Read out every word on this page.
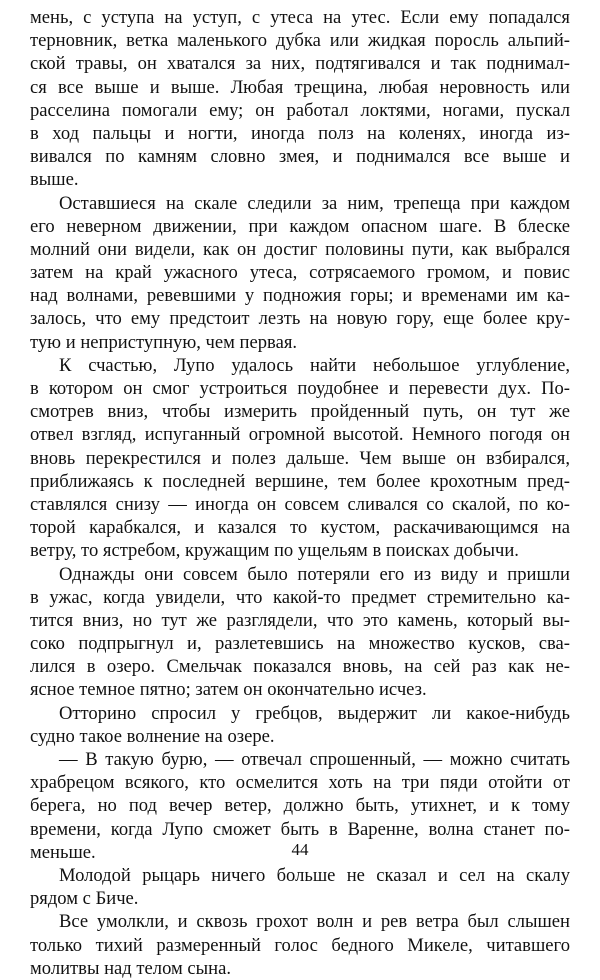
мень, с уступа на уступ, с утеса на утес. Если ему попадался
терновник, ветка маленького дубка или жидкая поросль альпий-
ской травы, он хватался за них, подтягивался и так поднимал-
ся все выше и выше. Любая трещина, любая неровность или
расселина помогали ему; он работал локтями, ногами, пускал
в ход пальцы и ногти, иногда полз на коленях, иногда из-
вивался по камням словно змея, и поднимался все выше и
выше.
Оставшиеся на скале следили за ним, трепеща при каждом
его неверном движении, при каждом опасном шаге. В блеске
молний они видели, как он достиг половины пути, как выбрался
затем на край ужасного утеса, сотрясаемого громом, и повис
над волнами, ревевшими у подножия горы; и временами им ка-
залось, что ему предстоит лезть на новую гору, еще более кру-
тую и неприступную, чем первая.
К счастью, Лупо удалось найти небольшое углубление,
в котором он смог устроиться поудобнее и перевести дух. По-
смотрев вниз, чтобы измерить пройденный путь, он тут же
отвел взгляд, испуганный огромной высотой. Немного погодя он
вновь перекрестился и полез дальше. Чем выше он взбирался,
приближаясь к последней вершине, тем более крохотным пред-
ставлялся снизу — иногда он совсем сливался со скалой, по ко-
торой карабкался, и казался то кустом, раскачивающимся на
ветру, то ястребом, кружащим по ущельям в поисках добычи.
Однажды они совсем было потеряли его из виду и пришли
в ужас, когда увидели, что какой-то предмет стремительно ка-
тится вниз, но тут же разглядели, что это камень, который вы-
соко подпрыгнул и, разлетевшись на множество кусков, сва-
лился в озеро. Смельчак показался вновь, на сей раз как не-
ясное темное пятно; затем он окончательно исчез.
Отторино спросил у гребцов, выдержит ли какое-нибудь
судно такое волнение на озере.
— В такую бурю, — отвечал спрошенный, — можно считать
храбрецом всякого, кто осмелится хоть на три пяди отойти от
берега, но под вечер ветер, должно быть, утихнет, и к тому
времени, когда Лупо сможет быть в Варенне, волна станет по-
меньше.
Молодой рыцарь ничего больше не сказал и сел на скалу
рядом с Биче.
Все умолкли, и сквозь грохот волн и рев ветра был слышен
только тихий размеренный голос бедного Микеле, читавшего
молитвы над телом сына.
44
